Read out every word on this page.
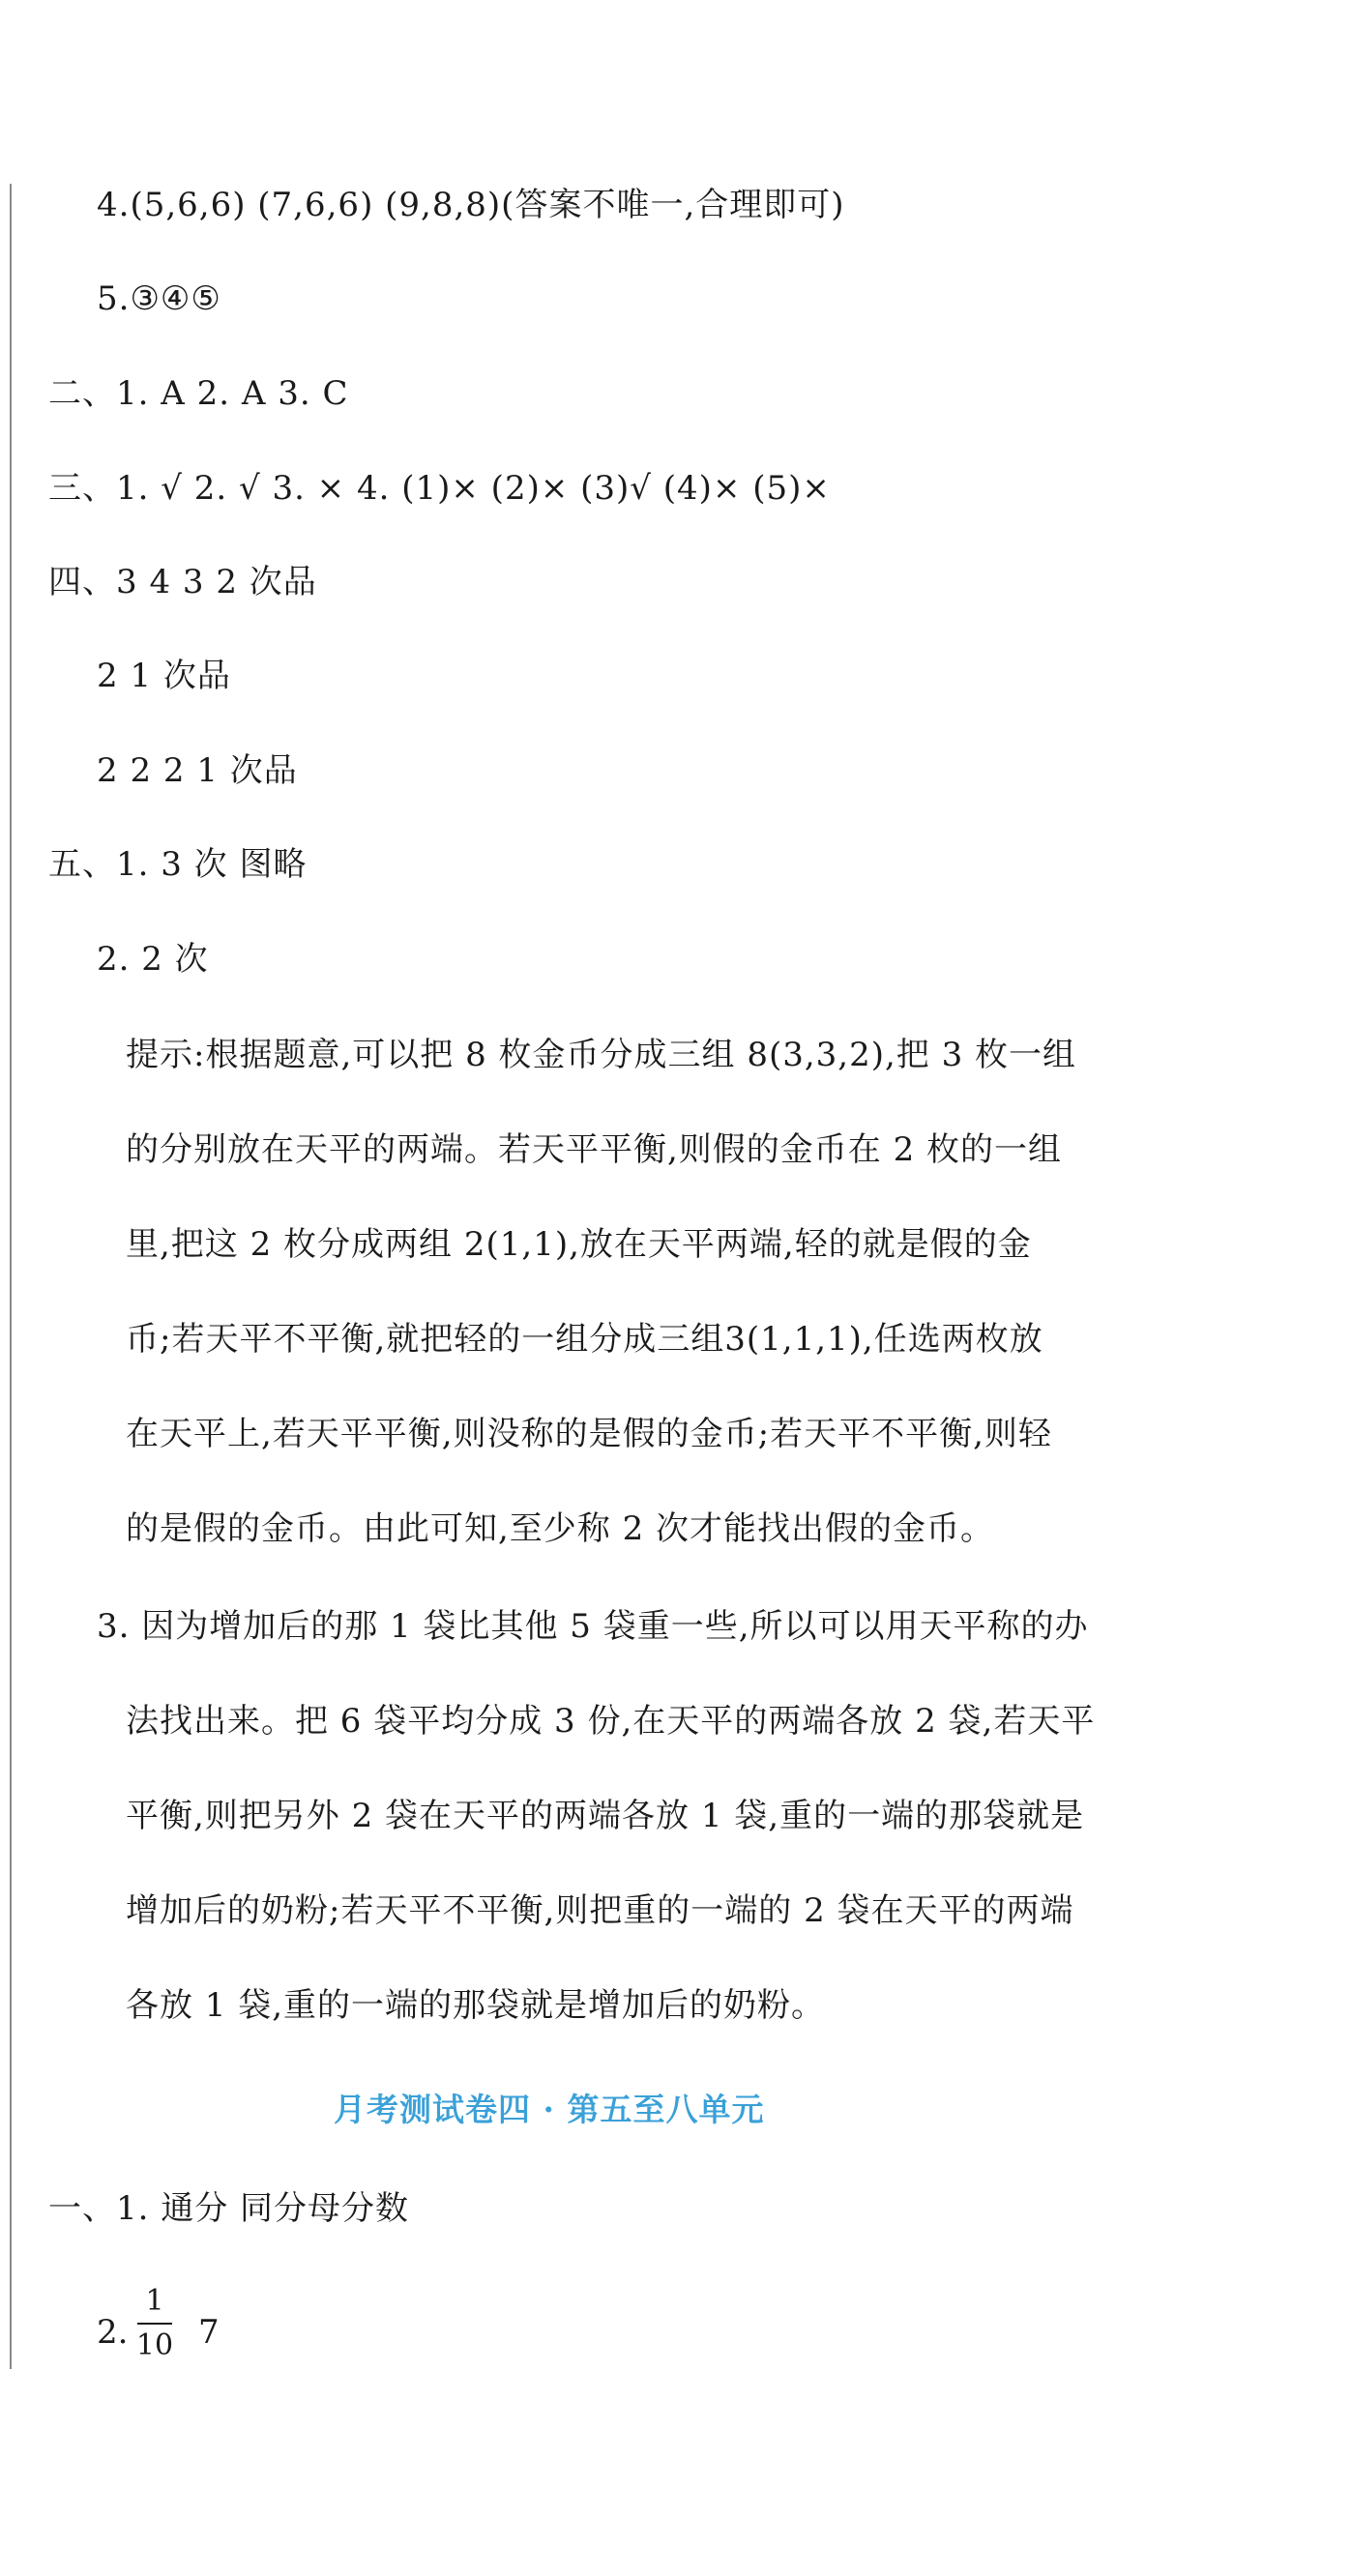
4.(5,6,6) (7,6,6) (9,8,8)(答案不唯一,合理即可)
5.③④⑤
二、1. A 2. A 3. C
三、1. √ 2. √ 3. × 4. (1)× (2)× (3)√ (4)× (5)×
四、3 4 3 2 次品
2 1 次品
2 2 2 1 次品
五、1. 3 次 图略
2. 2 次
提示:根据题意,可以把 8 枚金币分成三组 8(3,3,2),把 3 枚一组
的分别放在天平的两端。若天平平衡,则假的金币在 2 枚的一组
里,把这 2 枚分成两组 2(1,1),放在天平两端,轻的就是假的金
币;若天平不平衡,就把轻的一组分成三组3(1,1,1),任选两枚放
在天平上,若天平平衡,则没称的是假的金币;若天平不平衡,则轻
的是假的金币。由此可知,至少称 2 次才能找出假的金币。
3. 因为增加后的那 1 袋比其他 5 袋重一些,所以可以用天平称的办
法找出来。把 6 袋平均分成 3 份,在天平的两端各放 2 袋,若天平
平衡,则把另外 2 袋在天平的两端各放 1 袋,重的一端的那袋就是
增加后的奶粉;若天平不平衡,则把重的一端的 2 袋在天平的两端
各放 1 袋,重的一端的那袋就是增加后的奶粉。
月考测试卷四 · 第五至八单元
一、1. 通分 同分母分数
2.
1
10 7
